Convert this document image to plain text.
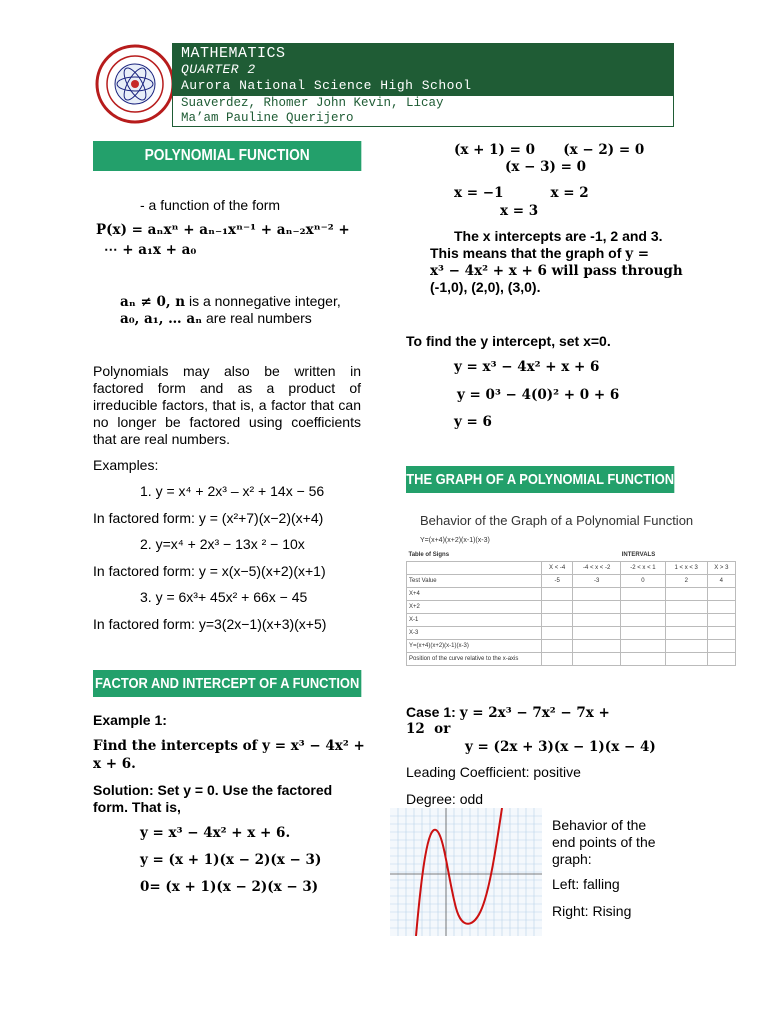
MATHEMATICS
QUARTER 2
Aurora National Science High School
Suaverdez, Rhomer John Kevin, Licay
Ma’am Pauline Querijero
POLYNOMIAL FUNCTION
- a function of the form
P(x) = aₙxⁿ + aₙ₋₁xⁿ⁻¹ + aₙ₋₂xⁿ⁻² +
⋯ + a₁x + a₀
aₙ ≠ 0, n is a nonnegative integer,
a₀, a₁, … aₙ are real numbers
Polynomials may also be written in factored form and as a product of irreducible factors, that is, a factor that can no longer be factored using coefficients that are real numbers.
Examples:
1. y = x⁴ + 2x³ – x² + 14x − 56
In factored form: y = (x²+7)(x−2)(x+4)
2. y=x⁴ + 2x³ − 13x ² − 10x
In factored form: y = x(x−5)(x+2)(x+1)
3. y = 6x³+ 45x² + 66x − 45
In factored form: y=3(2x−1)(x+3)(x+5)
FACTOR AND INTERCEPT OF A FUNCTION
Example 1:
Find the intercepts of y = x³ − 4x² +
x + 6.
Solution: Set y = 0. Use the factored
form. That is,
y = x³ − 4x² + x + 6.
y = (x + 1)(x − 2)(x − 3)
0= (x + 1)(x − 2)(x − 3)
(x + 1) = 0      (x − 2) = 0
(x − 3) = 0
x = −1          x = 2
x = 3
The x intercepts are -1, 2 and 3.
This means that the graph of y =
x³ − 4x² + x + 6 will pass through
(-1,0), (2,0), (3,0).
To find the y intercept, set x=0.
y = x³ − 4x² + x + 6
y = 0³ − 4(0)² + 0 + 6
y = 6
THE GRAPH OF A POLYNOMIAL FUNCTION
Behavior of the Graph of a Polynomial Function
Y=(x+4)(x+2)(x-1)(x-3)
Table of Signs	INTERVALS				
	X < -4	-4 < x < -2	-2 < x < 1	1 < x < 3	X > 3
Test Value	-5	-3	0	2	4
X+4					
X+2					
X-1					
X-3					
Y=(x+4)(x+2)(x-1)(x-3)					
Position of the curve relative to the x-axis					
Case 1: y = 2x³ − 7x² − 7x +
12  or
y = (2x + 3)(x − 1)(x − 4)
Leading Coefficient: positive
Degree: odd
Behavior of the end points of the graph:
Left: falling
Right: Rising
